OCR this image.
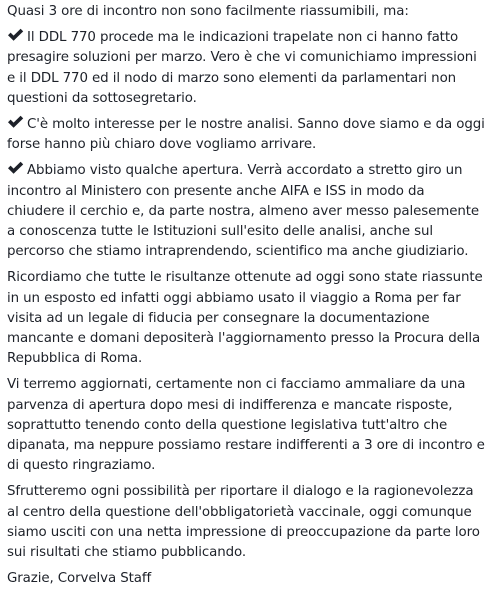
Quasi 3 ore di incontro non sono facilmente riassumibili, ma:

Il DDL 770 procede ma le indicazioni trapelate non ci hanno fatto presagire soluzioni per marzo. Vero è che vi comunichiamo impressioni e il DDL 770 ed il nodo di marzo sono elementi da parlamentari non questioni da sottosegretario.

C'è molto interesse per le nostre analisi. Sanno dove siamo e da oggi forse hanno più chiaro dove vogliamo arrivare.

Abbiamo visto qualche apertura. Verrà accordato a stretto giro un incontro al Ministero con presente anche AIFA e ISS in modo da chiudere il cerchio e, da parte nostra, almeno aver messo palesemente a conoscenza tutte le Istituzioni sull'esito delle analisi, anche sul percorso che stiamo intraprendendo, scientifico ma anche giudiziario.

Ricordiamo che tutte le risultanze ottenute ad oggi sono state riassunte in un esposto ed infatti oggi abbiamo usato il viaggio a Roma per far visita ad un legale di fiducia per consegnare la documentazione mancante e domani depositerà l'aggiornamento presso la Procura della Repubblica di Roma.

Vi terremo aggiornati, certamente non ci facciamo ammaliare da una parvenza di apertura dopo mesi di indifferenza e mancate risposte, soprattutto tenendo conto della questione legislativa tutt'altro che dipanata, ma neppure possiamo restare indifferenti a 3 ore di incontro e di questo ringraziamo.

Sfrutteremo ogni possibilità per riportare il dialogo e la ragionevolezza al centro della questione dell'obbligatorietà vaccinale, oggi comunque siamo usciti con una netta impressione di preoccupazione da parte loro sui risultati che stiamo pubblicando.

Grazie, Corvelva Staff
